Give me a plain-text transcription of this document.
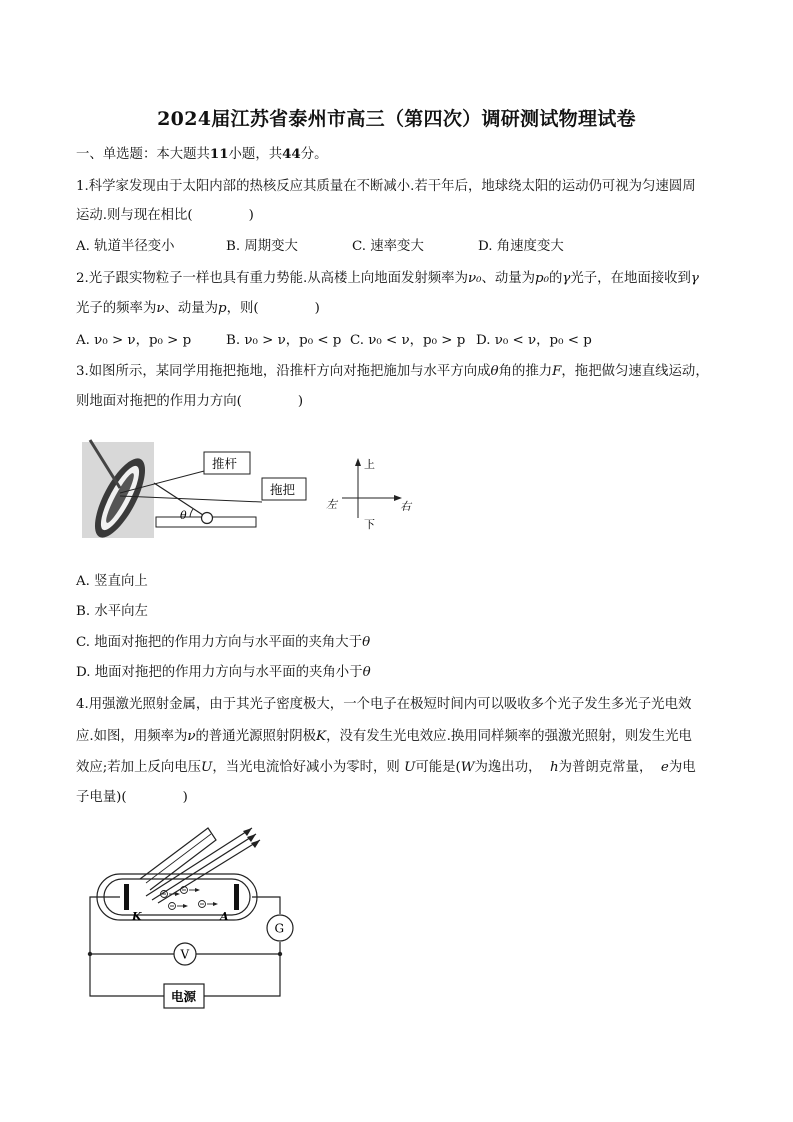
2024届江苏省泰州市高三（第四次）调研测试物理试卷
一、单选题：本大题共11小题，共44分。
1.科学家发现由于太阳内部的热核反应其质量在不断减小.若干年后，地球绕太阳的运动仍可视为匀速圆周
运动.则与现在相比(	)
A. 轨道半径变小	B. 周期变大	C. 速率变大	D. 角速度变大
2.光子跟实物粒子一样也具有重力势能.从高楼上向地面发射频率为ν₀、动量为p₀的γ光子，在地面接收到γ
光子的频率为ν、动量为p，则(	)
A. ν₀ > ν，p₀ > p	B. ν₀ > ν，p₀ < p C. ν₀ < ν，p₀ > p D. ν₀ < ν，p₀ < p
3.如图所示，某同学用拖把拖地，沿推杆方向对拖把施加与水平方向成θ角的推力F，拖把做匀速直线运动，
则地面对拖把的作用力方向(	)
θ
推杆
拖把
上
下
左	右
A. 竖直向上
B. 水平向左
C. 地面对拖把的作用力方向与水平面的夹角大于θ
D. 地面对拖把的作用力方向与水平面的夹角小于θ
4.用强激光照射金属，由于其光子密度极大，一个电子在极短时间内可以吸收多个光子发生多光子光电效
应.如图，用频率为ν的普通光源照射阴极K，没有发生光电效应.换用同样频率的强激光照射，则发生光电
效应;若加上反向电压U，当光电流恰好减小为零时，则 U可能是(W为逸出功， h为普朗克常量， e为电
子电量)(	)
K	A
G
V
电源
